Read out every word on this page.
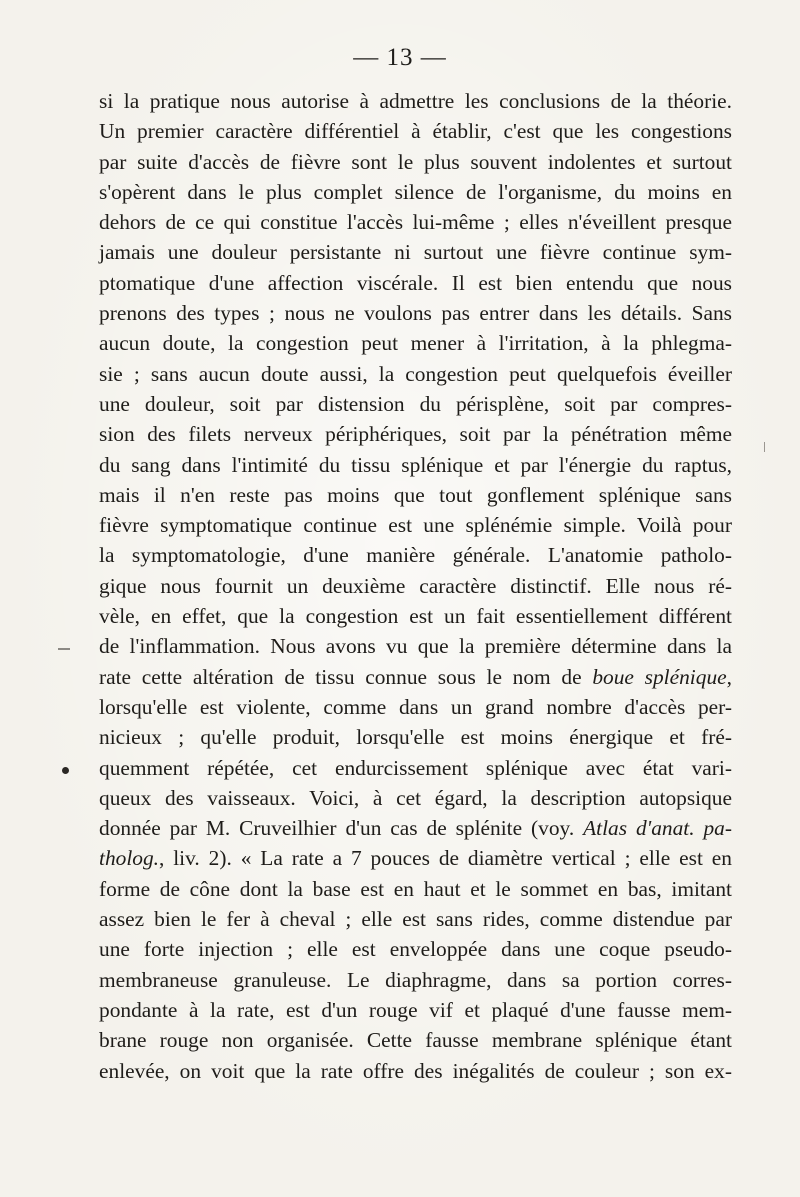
— 13 —
si la pratique nous autorise à admettre les conclusions de la théorie.
Un premier caractère différentiel à établir, c'est que les congestions
par suite d'accès de fièvre sont le plus souvent indolentes et surtout
s'opèrent dans le plus complet silence de l'organisme, du moins en
dehors de ce qui constitue l'accès lui-même ; elles n'éveillent presque
jamais une douleur persistante ni surtout une fièvre continue sym-
ptomatique d'une affection viscérale. Il est bien entendu que nous
prenons des types ; nous ne voulons pas entrer dans les détails. Sans
aucun doute, la congestion peut mener à l'irritation, à la phlegma-
sie ; sans aucun doute aussi, la congestion peut quelquefois éveiller
une douleur, soit par distension du périsplène, soit par compres-
sion des filets nerveux périphériques, soit par la pénétration même
du sang dans l'intimité du tissu splénique et par l'énergie du raptus,
mais il n'en reste pas moins que tout gonflement splénique sans
fièvre symptomatique continue est une splénémie simple. Voilà pour
la symptomatologie, d'une manière générale. L'anatomie patholo-
gique nous fournit un deuxième caractère distinctif. Elle nous ré-
vèle, en effet, que la congestion est un fait essentiellement différent
de l'inflammation. Nous avons vu que la première détermine dans la
rate cette altération de tissu connue sous le nom de boue splénique,
lorsqu'elle est violente, comme dans un grand nombre d'accès per-
nicieux ; qu'elle produit, lorsqu'elle est moins énergique et fré-
quemment répétée, cet endurcissement splénique avec état vari-
queux des vaisseaux. Voici, à cet égard, la description autopsique
donnée par M. Cruveilhier d'un cas de splénite (voy. Atlas d'anat. pa-
tholog., liv. 2). « La rate a 7 pouces de diamètre vertical ; elle est en
forme de cône dont la base est en haut et le sommet en bas, imitant
assez bien le fer à cheval ; elle est sans rides, comme distendue par
une forte injection ; elle est enveloppée dans une coque pseudo-
membraneuse granuleuse. Le diaphragme, dans sa portion corres-
pondante à la rate, est d'un rouge vif et plaqué d'une fausse mem-
brane rouge non organisée. Cette fausse membrane splénique étant
enlevée, on voit que la rate offre des inégalités de couleur ; son ex-
